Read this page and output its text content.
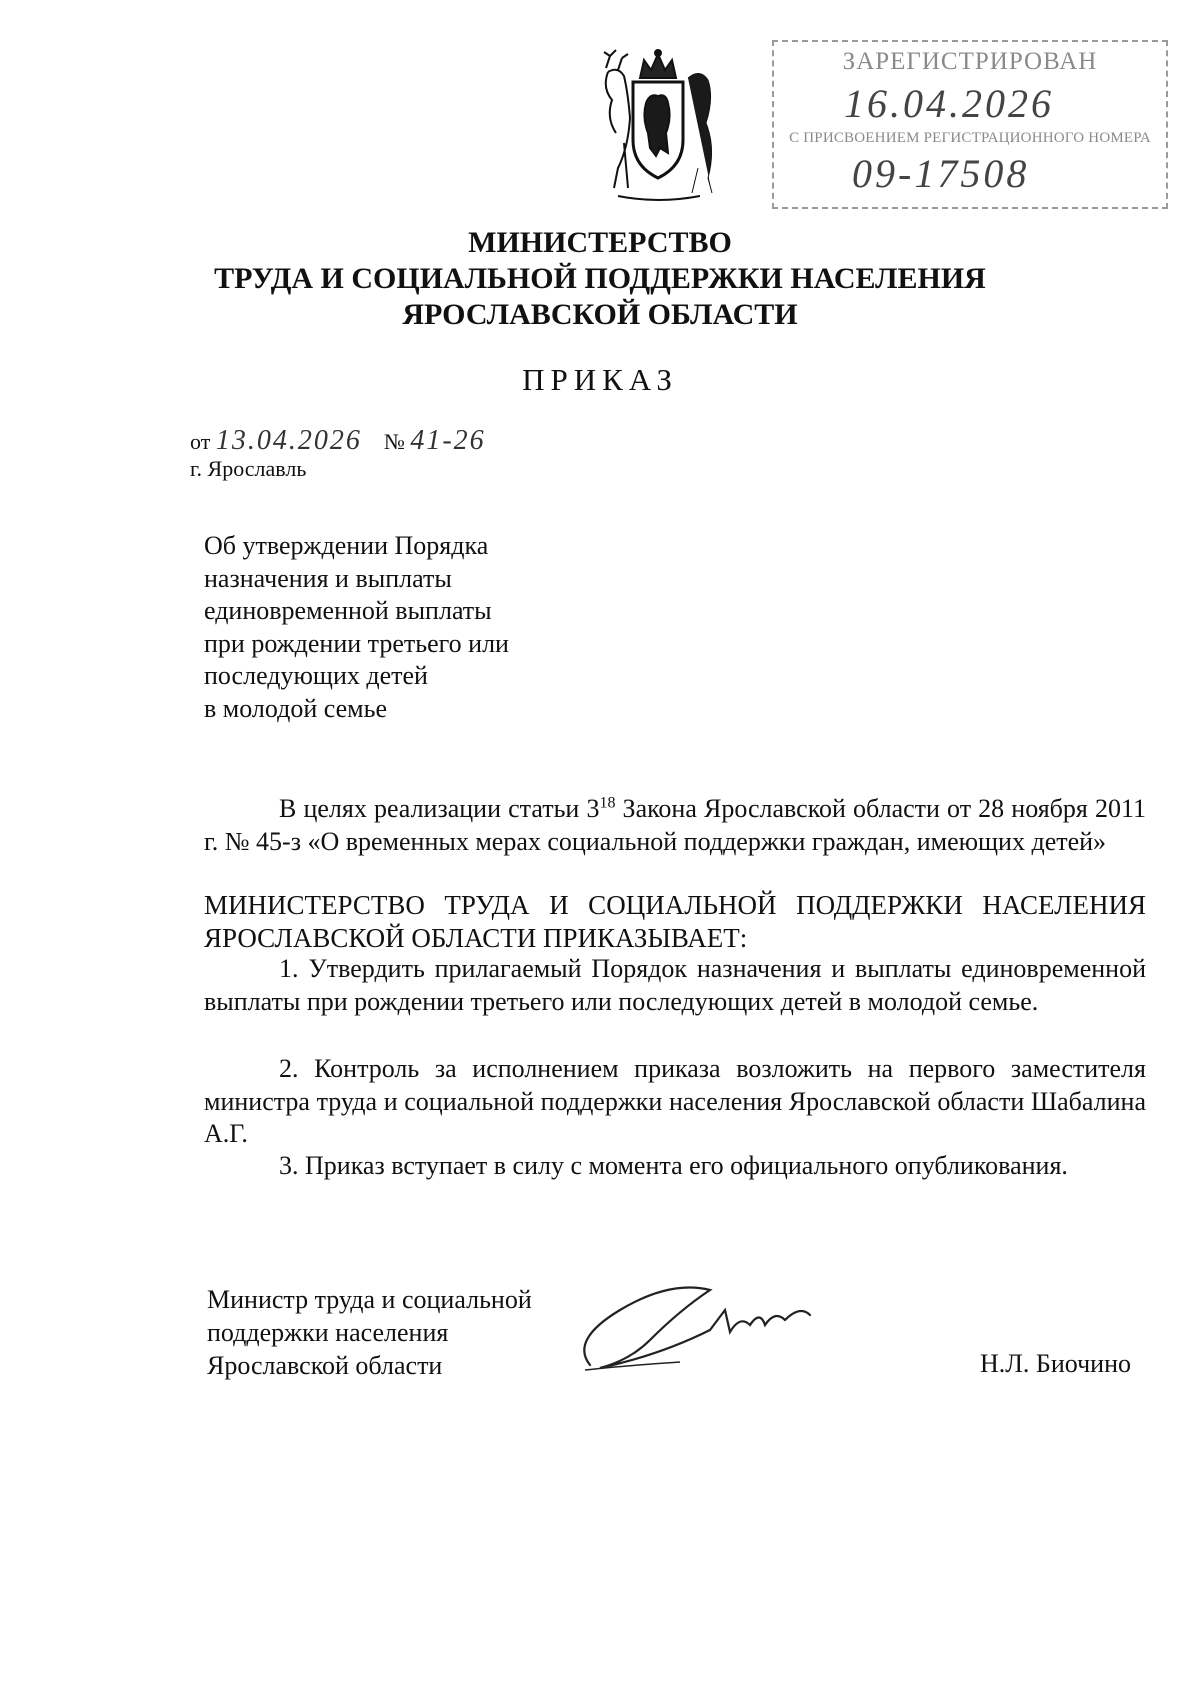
ЗАРЕГИСТРИРОВАН
16.04.2026
С ПРИСВОЕНИЕМ РЕГИСТРАЦИОННОГО НОМЕРА
09-17508
МИНИСТЕРСТВО
ТРУДА И СОЦИАЛЬНОЙ ПОДДЕРЖКИ НАСЕЛЕНИЯ
ЯРОСЛАВСКОЙ ОБЛАСТИ
ПРИКАЗ
от 13.04.2026 № 41-26
г. Ярославль
Об утверждении Порядка
назначения и выплаты
единовременной выплаты
при рождении третьего или
последующих детей
в молодой семье
В целях реализации статьи $3^{18}$ Закона Ярославской области от 28 ноября 2011 г. № 45-з «О временных мерах социальной поддержки граждан, имеющих детей»
МИНИСТЕРСТВО ТРУДА И СОЦИАЛЬНОЙ ПОДДЕРЖКИ НАСЕЛЕНИЯ ЯРОСЛАВСКОЙ ОБЛАСТИ ПРИКАЗЫВАЕТ:
1. Утвердить прилагаемый Порядок назначения и выплаты единовременной выплаты при рождении третьего или последующих детей в молодой семье.
2. Контроль за исполнением приказа возложить на первого заместителя министра труда и социальной поддержки населения Ярославской области Шабалина А.Г.
3. Приказ вступает в силу с момента его официального опубликования.
Министр труда и социальной
поддержки населения
Ярославской области	Н.Л. Биочино
